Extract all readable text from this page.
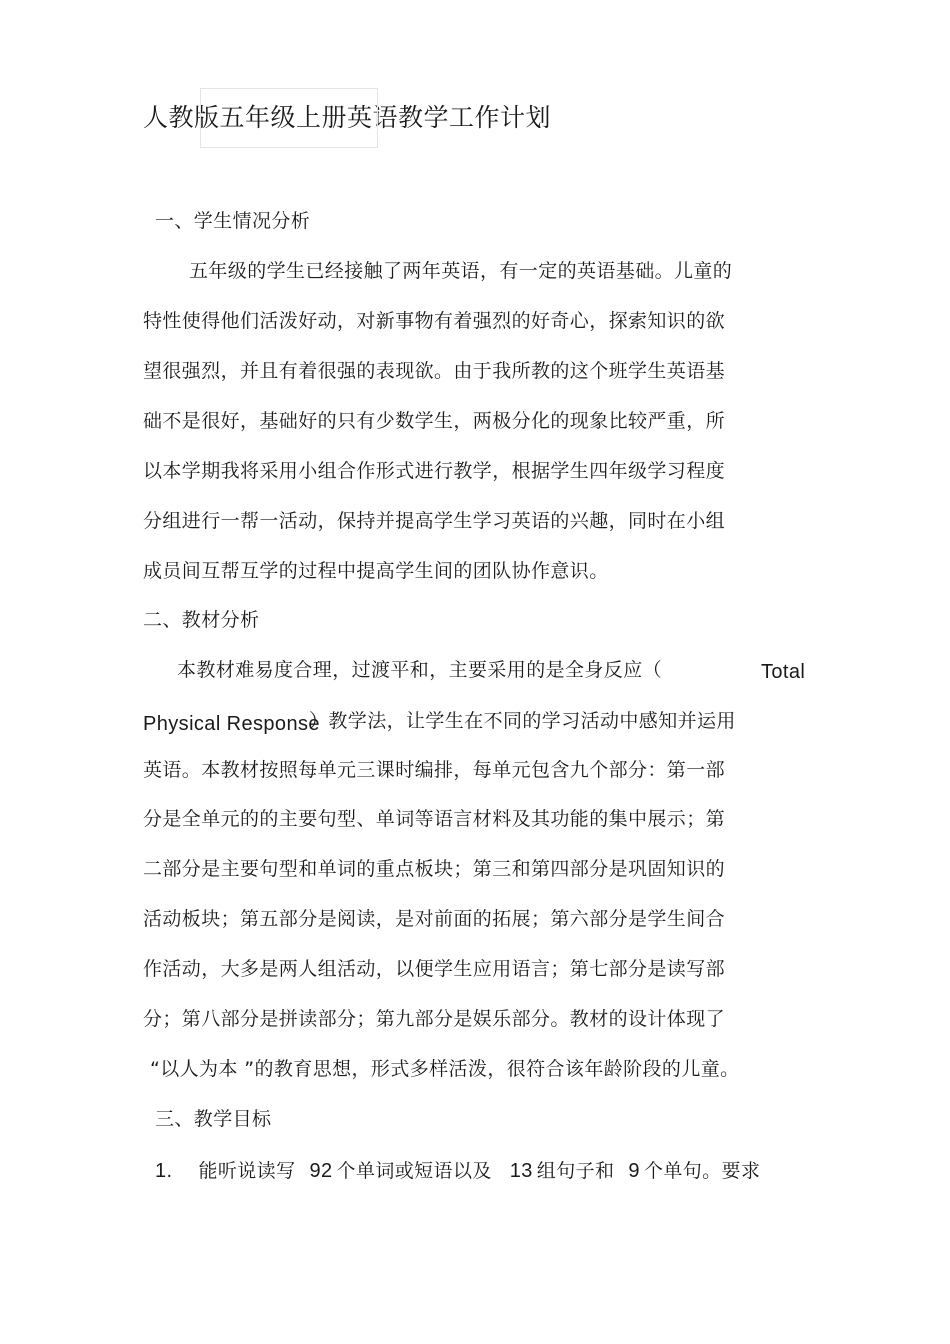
人教版五年级上册英语教学工作计划
一、学生情况分析
五年级的学生已经接触了两年英语，有一定的英语基础。儿童的
特性使得他们活泼好动，对新事物有着强烈的好奇心，探索知识的欲
望很强烈，并且有着很强的表现欲。由于我所教的这个班学生英语基
础不是很好，基础好的只有少数学生，两极分化的现象比较严重，所
以本学期我将采用小组合作形式进行教学，根据学生四年级学习程度
分组进行一帮一活动，保持并提高学生学习英语的兴趣，同时在小组
成员间互帮互学的过程中提高学生间的团队协作意识。
二、教材分析
本教材难易度合理，过渡平和，主要采用的是全身反应（	Total
Physical Response
）教学法，让学生在不同的学习活动中感知并运用
英语。本教材按照每单元三课时编排，每单元包含九个部分：第一部
分是全单元的的主要句型、单词等语言材料及其功能的集中展示；第
二部分是主要句型和单词的重点板块；第三和第四部分是巩固知识的
活动板块；第五部分是阅读，是对前面的拓展；第六部分是学生间合
作活动，大多是两人组活动，以便学生应用语言；第七部分是读写部
分；第八部分是拼读部分；第九部分是娱乐部分。教材的设计体现了
“以人为本 ”的教育思想，形式多样活泼，很符合该年龄阶段的儿童。
三、教学目标
1. 能听说读写 92 个单词或短语以及 13 组句子和 9 个单句。要求
